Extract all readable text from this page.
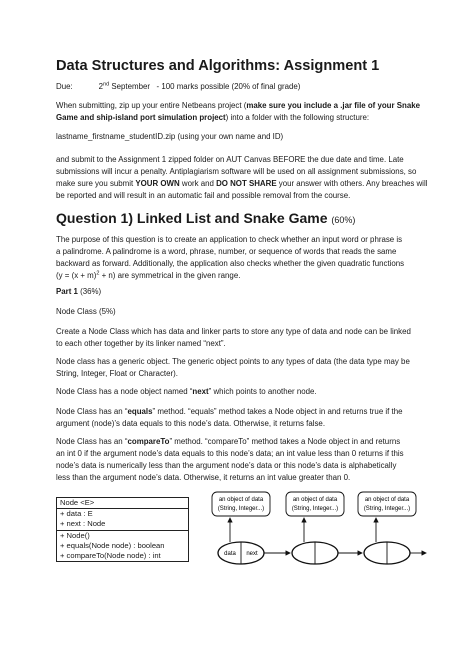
Data Structures and Algorithms: Assignment 1
Due:	2nd September   - 100 marks possible (20% of final grade)
When submitting, zip up your entire Netbeans project (make sure you include a .jar file of your Snake
Game and ship-island port simulation project) into a folder with the following structure:
lastname_firstname_studentID.zip (using your own name and ID)
and submit to the Assignment 1 zipped folder on AUT Canvas BEFORE the due date and time. Late
submissions will incur a penalty. Antiplagiarism software will be used on all assignment submissions, so
make sure you submit YOUR OWN work and DO NOT SHARE your answer with others. Any breaches will
be reported and will result in an automatic fail and possible removal from the course.
Question 1) Linked List and Snake Game (60%)
The purpose of this question is to create an application to check whether an input word or phrase is
a palindrome. A palindrome is a word, phrase, number, or sequence of words that reads the same
backward as forward. Additionally, the application also checks whether the given quadratic functions
$(y = (x + m)^2 + n)$ are symmetrical in the given range.
Part 1 (36%)
Node Class (5%)
Create a Node Class which has data and linker parts to store any type of data and node can be linked
to each other together by its linker named “next”.
Node class has a generic object. The generic object points to any types of data (the data type may be
String, Integer, Float or Character).
Node Class has a node object named “next” which points to another node.
Node Class has an “equals” method. “equals” method takes a Node object in and returns true if the
argument (node)’s data equals to this node’s data. Otherwise, it returns false.
Node Class has an “compareTo” method. “compareTo” method takes a Node object in and returns
an int 0 if the argument node’s data equals to this node’s data; an int value less than 0 returns if this
node’s data is numerically less than the argument node’s data or this node’s data is alphabetically
less than the argument node’s data. Otherwise, it returns an int value greater than 0.
Node <E>
+ data : E
+ next : Node
+ Node()
+ equals(Node node) : boolean
+ compareTo(Node node) : int
an object of data
(String, Integer...)
an object of data
(String, Integer...)
an object of data
(String, Integer...)
data next
